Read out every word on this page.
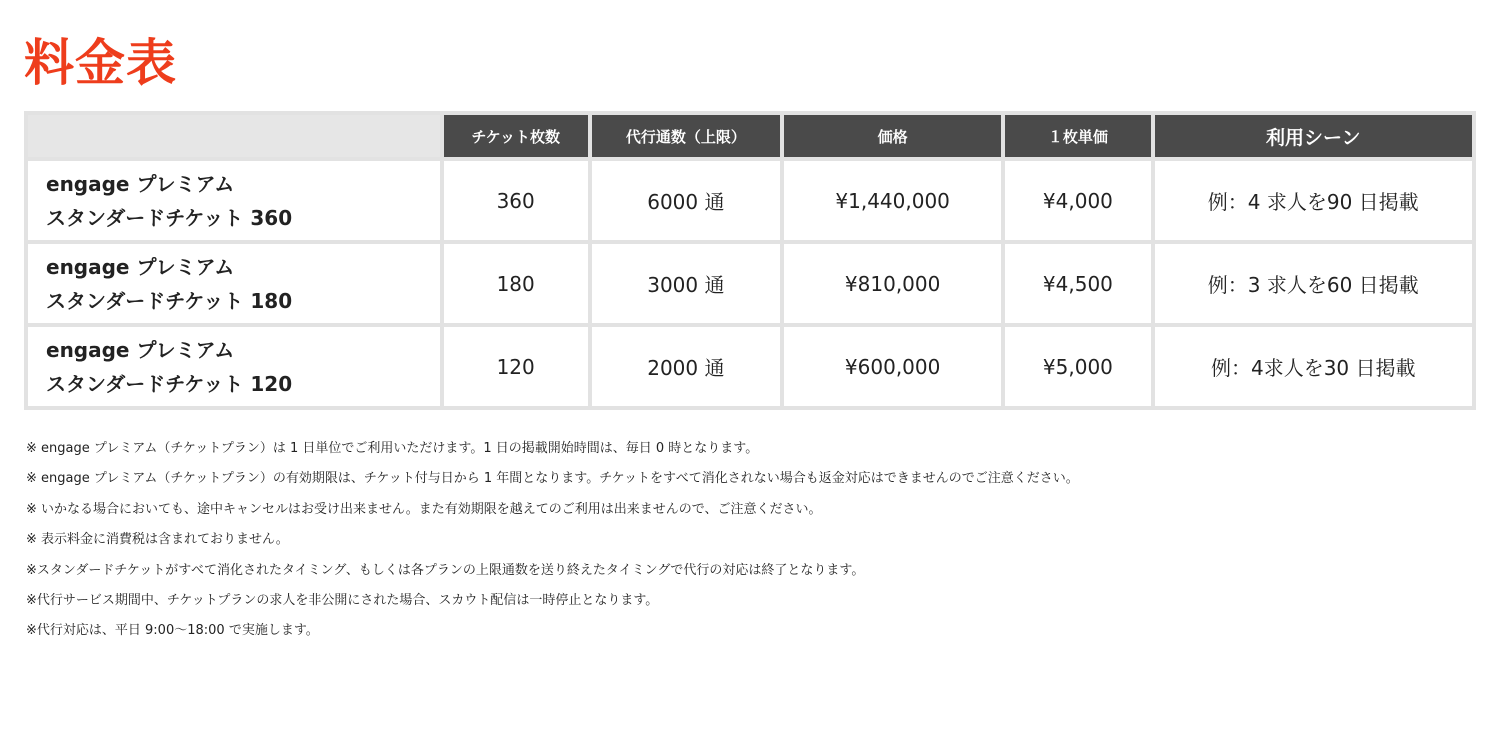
料金表
	チケット枚数	代行通数（上限）	価格	１枚単価	利用シーン

engage プレミアム
スタンダードチケット 360	360	6000 通	¥1,440,000	¥4,000	例：4 求人を90 日掲載

engage プレミアム
スタンダードチケット 180	180	3000 通	¥810,000	¥4,500	例：3 求人を60 日掲載

engage プレミアム
スタンダードチケット 120	120	2000 通	¥600,000	¥5,000	例：4求人を30 日掲載
※ engage プレミアム（チケットプラン）は 1 日単位でご利用いただけます。1 日の掲載開始時間は、毎日 0 時となります。
※ engage プレミアム（チケットプラン）の有効期限は、チケット付与日から 1 年間となります。チケットをすべて消化されない場合も返金対応はできませんのでご注意ください。
※ いかなる場合においても、途中キャンセルはお受け出来ません。また有効期限を越えてのご利用は出来ませんので、ご注意ください。
※ 表示料金に消費税は含まれておりません。
※スタンダードチケットがすべて消化されたタイミング、もしくは各プランの上限通数を送り終えたタイミングで代行の対応は終了となります。
※代行サービス期間中、チケットプランの求人を非公開にされた場合、スカウト配信は一時停止となります。
※代行対応は、平日 9:00〜18:00 で実施します。
